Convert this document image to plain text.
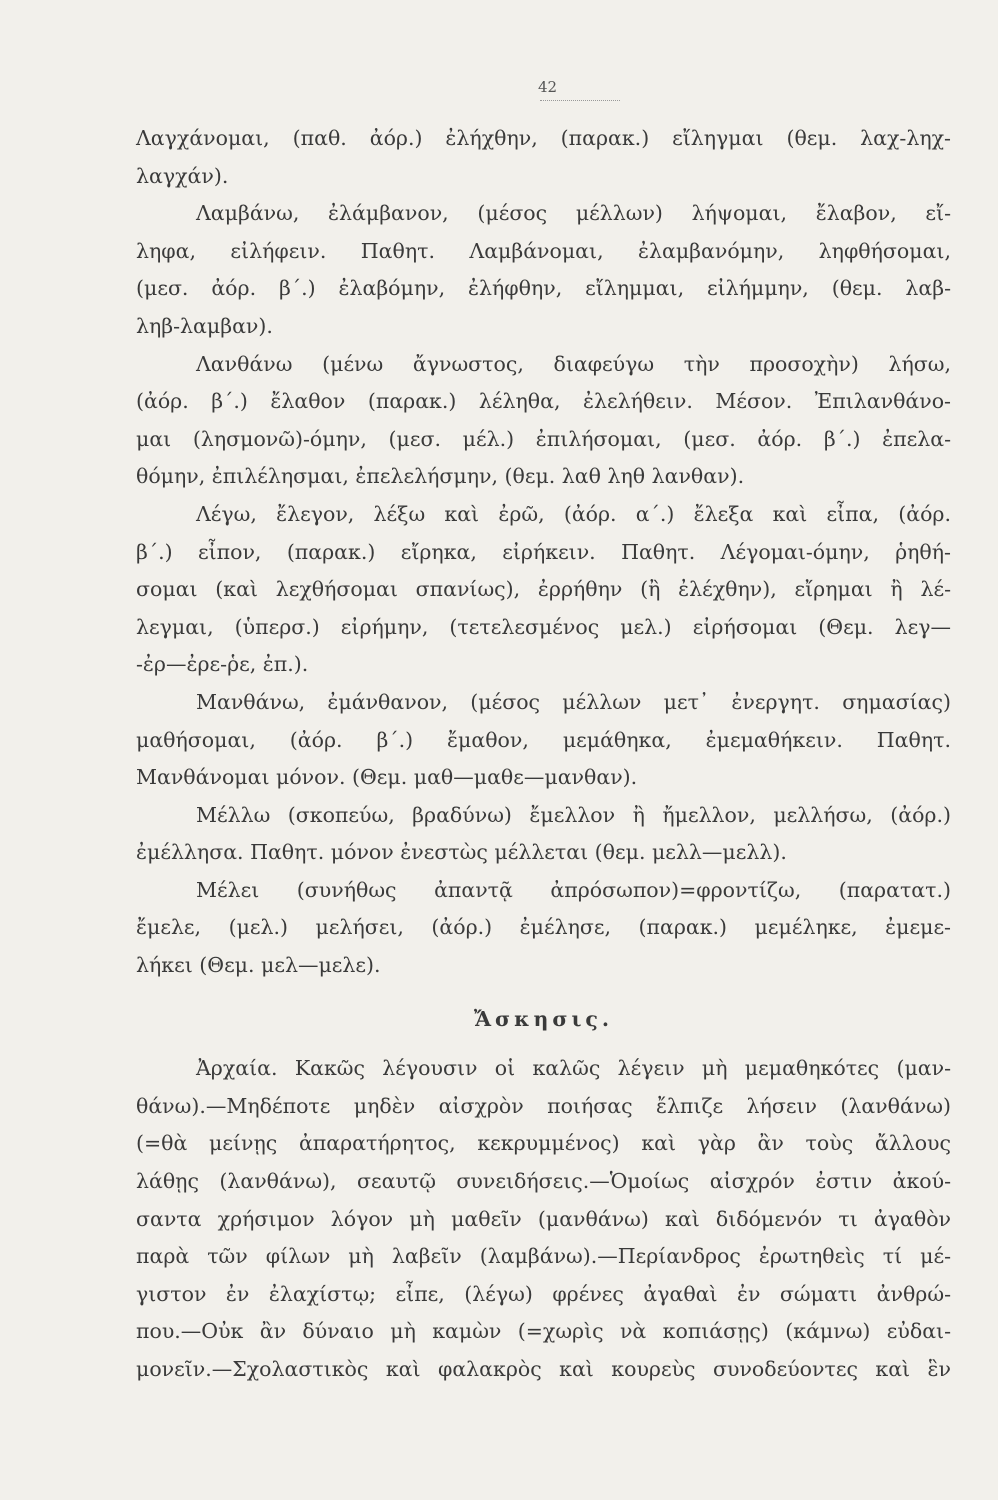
42
Λαγχάνομαι, (παθ. ἀόρ.) ἐλήχθην, (παρακ.) εἴληγμαι (θεμ. λαχ-ληχ-
λαγχάν).
Λαμβάνω, ἐλάμβανον, (μέσος μέλλων) λήψομαι, ἔλαβον, εἴ-
ληφα, εἰλήφειν. Παθητ. Λαμβάνομαι, ἐλαμβανόμην, ληφθήσομαι,
(μεσ. ἀόρ. β΄.) ἐλαβόμην, ἐλήφθην, εἴλημμαι, εἰλήμμην, (θεμ. λαβ-
ληβ-λαμβαν).
Λανθάνω (μένω ἄγνωστος, διαφεύγω τὴν προσοχὴν) λήσω,
(ἀόρ. β΄.) ἔλαθον (παρακ.) λέληθα, ἐλελήθειν. Μέσον. Ἐπιλανθάνο-
μαι (λησμονῶ)-όμην, (μεσ. μέλ.) ἐπιλήσομαι, (μεσ. ἀόρ. β΄.) ἐπελα-
θόμην, ἐπιλέλησμαι, ἐπελελήσμην, (θεμ. λαθ ληθ λανθαν).
Λέγω, ἔλεγον, λέξω καὶ ἐρῶ, (ἀόρ. α΄.) ἔλεξα καὶ εἶπα, (ἀόρ.
β΄.) εἶπον, (παρακ.) εἴρηκα, εἰρήκειν. Παθητ. Λέγομαι-όμην, ῥηθή-
σομαι (καὶ λεχθήσομαι σπανίως), ἐρρήθην (ἢ ἐλέχθην), εἴρημαι ἢ λέ-
λεγμαι, (ὑπερσ.) εἰρήμην, (τετελεσμένος μελ.) εἰρήσομαι (Θεμ. λεγ—
-ἐρ—ἐρε-ῥε, ἐπ.).
Μανθάνω, ἐμάνθανον, (μέσος μέλλων μετ᾽ ἐνεργητ. σημασίας)
μαθήσομαι, (ἀόρ. β΄.) ἔμαθον, μεμάθηκα, ἐμεμαθήκειν. Παθητ.
Μανθάνομαι μόνον. (Θεμ. μαθ—μαθε—μανθαν).
Μέλλω (σκοπεύω, βραδύνω) ἔμελλον ἢ ἤμελλον, μελλήσω, (ἀόρ.)
ἐμέλλησα. Παθητ. μόνον ἐνεστὼς μέλλεται (θεμ. μελλ—μελλ).
Μέλει (συνήθως ἀπαντᾷ ἀπρόσωπον)=φροντίζω, (παρατατ.)
ἔμελε, (μελ.) μελήσει, (ἀόρ.) ἐμέλησε, (παρακ.) μεμέληκε, ἐμεμε-
λήκει (Θεμ. μελ—μελε).
Ἄσκησις.
Ἀρχαία. Κακῶς λέγουσιν οἱ καλῶς λέγειν μὴ μεμαθηκότες (μαν-
θάνω).—Μηδέποτε μηδὲν αἰσχρὸν ποιήσας ἔλπιζε λήσειν (λανθάνω)
(=θὰ μείνῃς ἀπαρατήρητος, κεκρυμμένος) καὶ γὰρ ἂν τοὺς ἄλλους
λάθῃς (λανθάνω), σεαυτῷ συνειδήσεις.—Ὁμοίως αἰσχρόν ἐστιν ἀκού-
σαντα χρήσιμον λόγον μὴ μαθεῖν (μανθάνω) καὶ διδόμενόν τι ἀγαθὸν
παρὰ τῶν φίλων μὴ λαβεῖν (λαμβάνω).—Περίανδρος ἐρωτηθεὶς τί μέ-
γιστον ἐν ἐλαχίστῳ; εἶπε, (λέγω) φρένες ἀγαθαὶ ἐν σώματι ἀνθρώ-
που.—Οὐκ ἂν δύναιο μὴ καμὼν (=χωρὶς νὰ κοπιάσῃς) (κάμνω) εὐδαι-
μονεῖν.—Σχολαστικὸς καὶ φαλακρὸς καὶ κουρεὺς συνοδεύοντες καὶ ἓν
